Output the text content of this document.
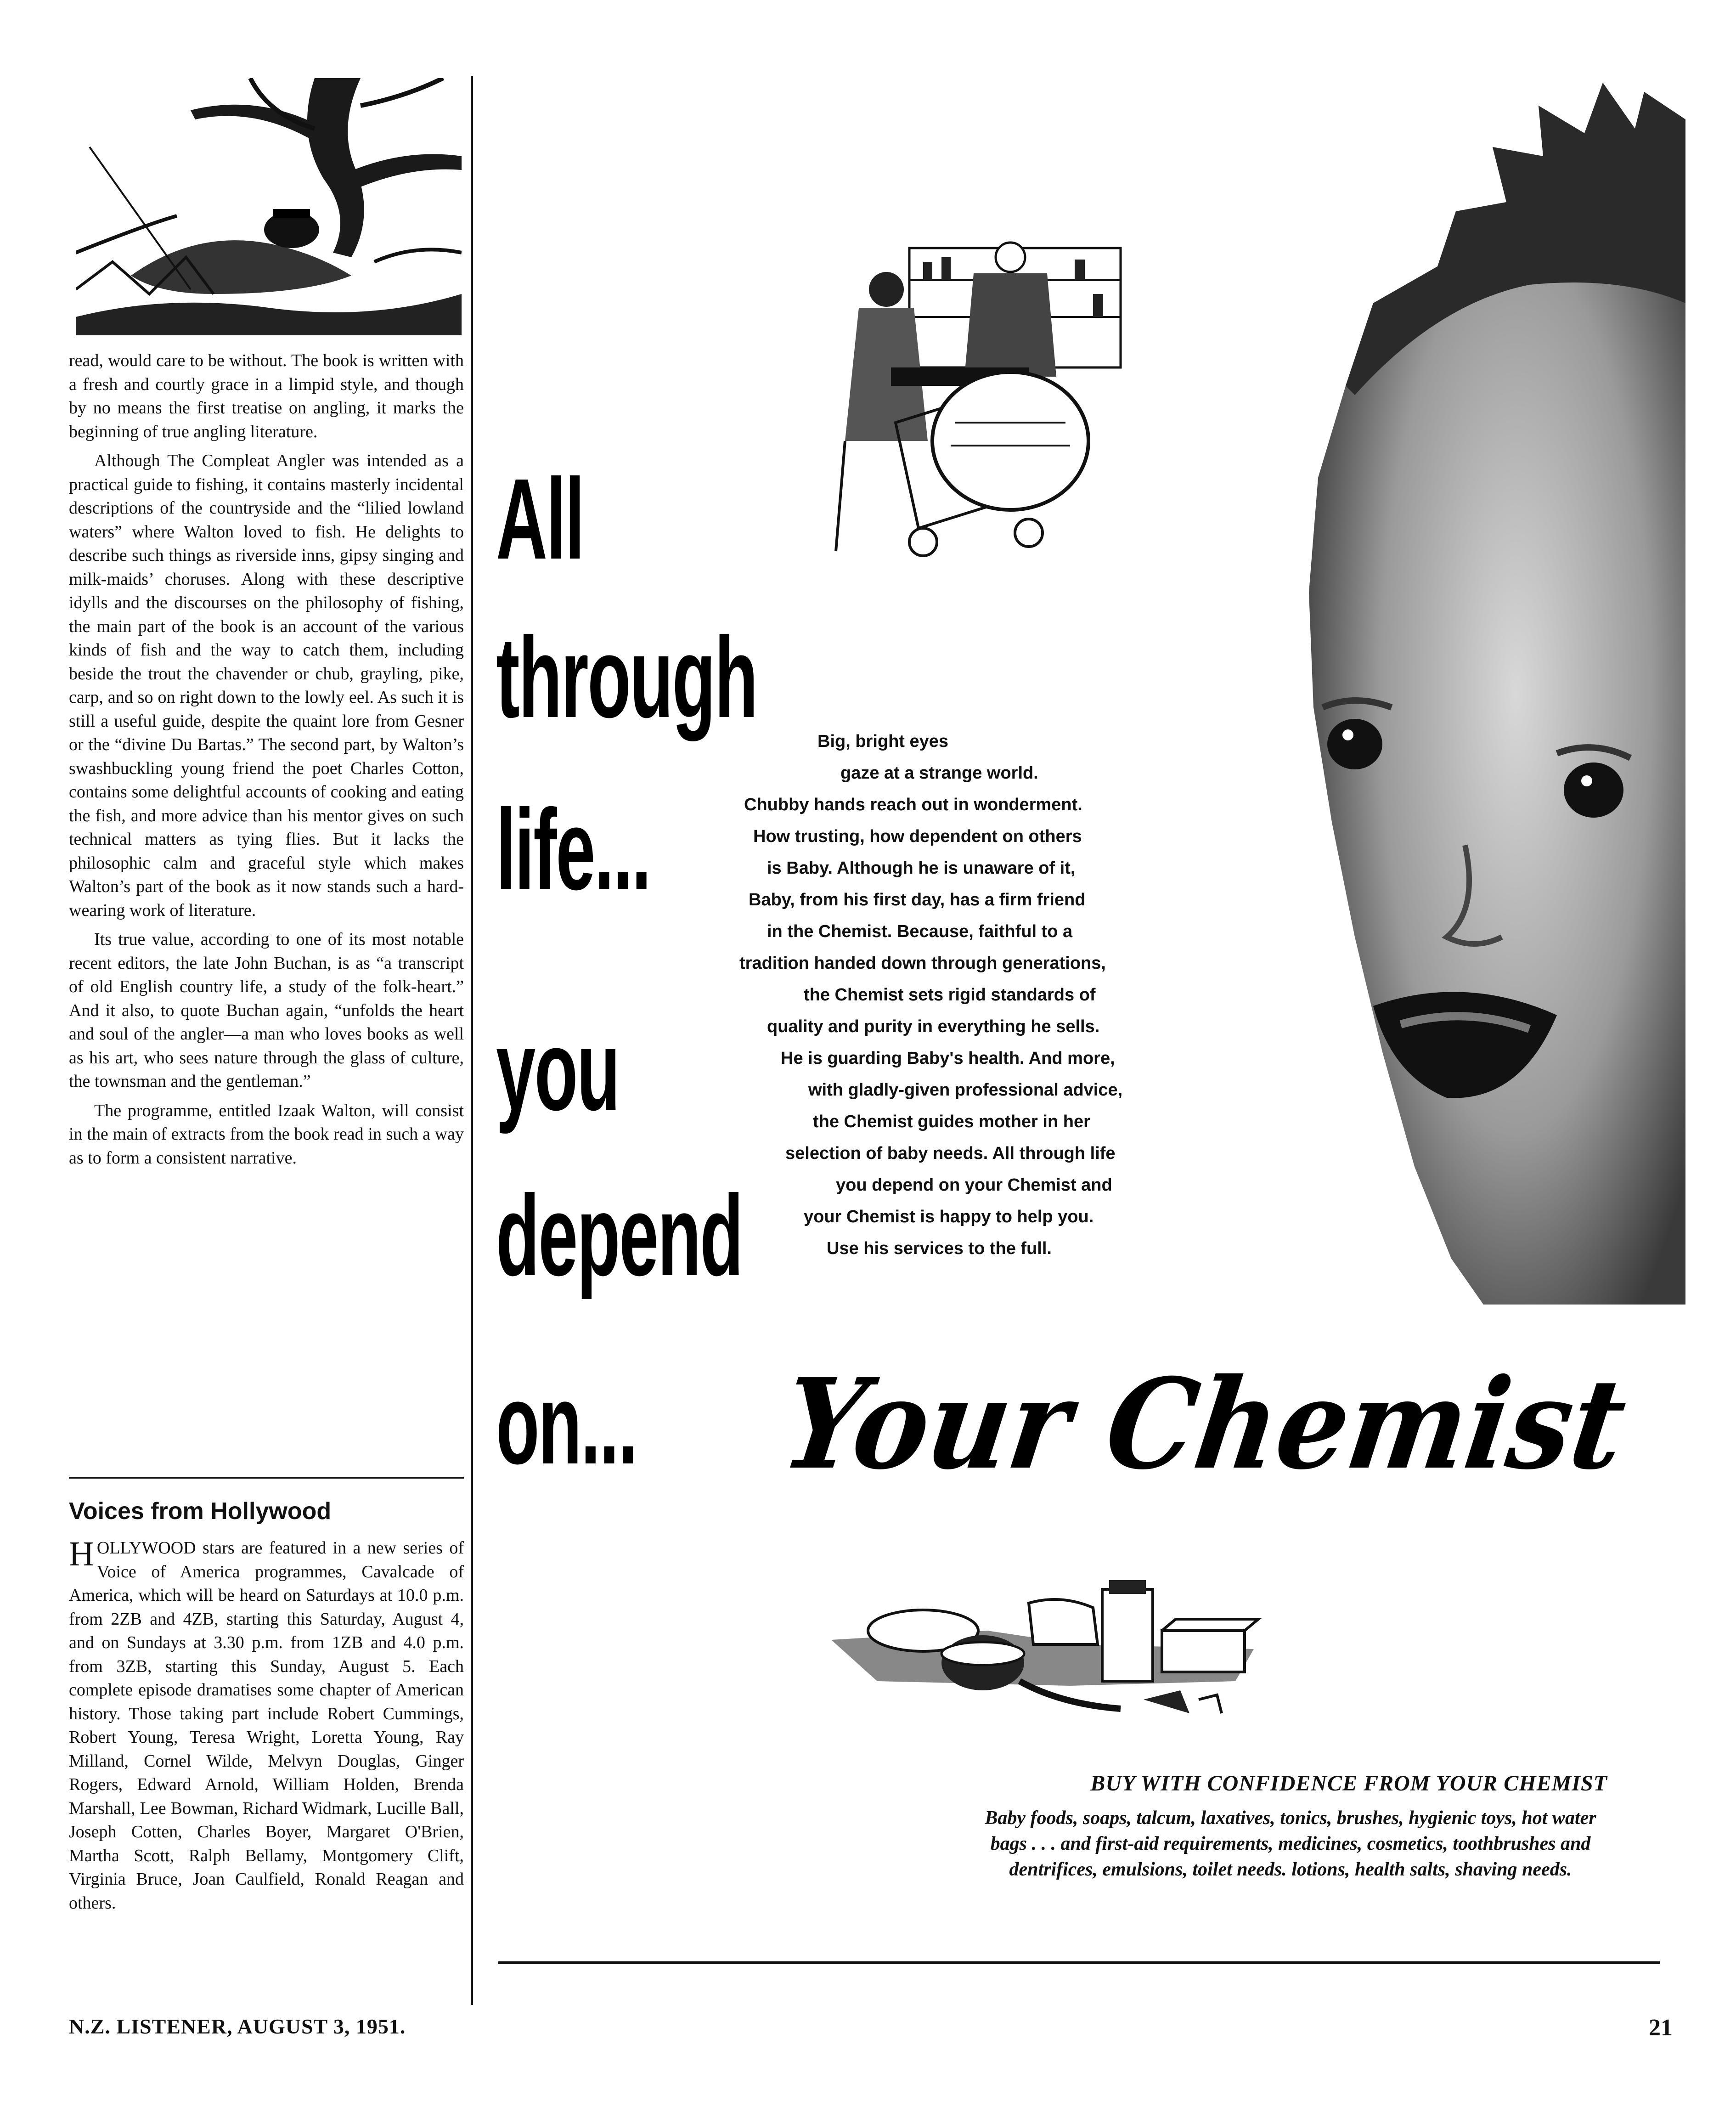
read, would care to be without. The book is written with a fresh and courtly grace in a limpid style, and though by no means the first treatise on angling, it marks the beginning of true angling literature.

Although The Compleat Angler was intended as a practical guide to fishing, it contains masterly incidental descriptions of the countryside and the “lilied lowland waters” where Walton loved to fish. He delights to describe such things as riverside inns, gipsy singing and milk-maids’ choruses. Along with these descriptive idylls and the discourses on the philosophy of fishing, the main part of the book is an account of the various kinds of fish and the way to catch them, including beside the trout the chavender or chub, grayling, pike, carp, and so on right down to the lowly eel. As such it is still a useful guide, despite the quaint lore from Gesner or the “divine Du Bartas.” The second part, by Walton’s swashbuckling young friend the poet Charles Cotton, contains some delightful accounts of cooking and eating the fish, and more advice than his mentor gives on such technical matters as tying flies. But it lacks the philosophic calm and graceful style which makes Walton’s part of the book as it now stands such a hard-wearing work of literature.

Its true value, according to one of its most notable recent editors, the late John Buchan, is as “a transcript of old English country life, a study of the folk-heart.” And it also, to quote Buchan again, “unfolds the heart and soul of the angler—a man who loves books as well as his art, who sees nature through the glass of culture, the townsman and the gentleman.”

The programme, entitled Izaak Walton, will consist in the main of extracts from the book read in such a way as to form a consistent narrative.

Voices from Hollywood

HOLLYWOOD stars are featured in a new series of Voice of America programmes, Cavalcade of America, which will be heard on Saturdays at 10.0 p.m. from 2ZB and 4ZB, starting this Saturday, August 4, and on Sundays at 3.30 p.m. from 1ZB and 4.0 p.m. from 3ZB, starting this Sunday, August 5. Each complete episode dramatises some chapter of American history. Those taking part include Robert Cummings, Robert Young, Teresa Wright, Loretta Young, Ray Milland, Cornel Wilde, Melvyn Douglas, Ginger Rogers, Edward Arnold, William Holden, Brenda Marshall, Lee Bowman, Richard Widmark, Lucille Ball, Joseph Cotten, Charles Boyer, Margaret O'Brien, Martha Scott, Ralph Bellamy, Montgomery Clift, Virginia Bruce, Joan Caulfield, Ronald Reagan and others.

All
through
life...
you
depend
on...
Big, bright eyes
gaze at a strange world.
Chubby hands reach out in wonderment.
How trusting, how dependent on others
is Baby. Although he is unaware of it,
Baby, from his first day, has a firm friend
in the Chemist. Because, faithful to a
tradition handed down through generations,
the Chemist sets rigid standards of
quality and purity in everything he sells.
He is guarding Baby's health. And more,
with gladly-given professional advice,
the Chemist guides mother in her
selection of baby needs. All through life
you depend on your Chemist and
your Chemist is happy to help you.
Use his services to the full.
Your Chemist
BUY WITH CONFIDENCE FROM YOUR CHEMIST
Baby foods, soaps, talcum, laxatives, tonics, brushes, hygienic toys, hot water bags . . . and first-aid requirements, medicines, cosmetics, toothbrushes and dentrifices, emulsions, toilet needs. lotions, health salts, shaving needs.
N.Z. LISTENER, AUGUST 3, 1951.	21
